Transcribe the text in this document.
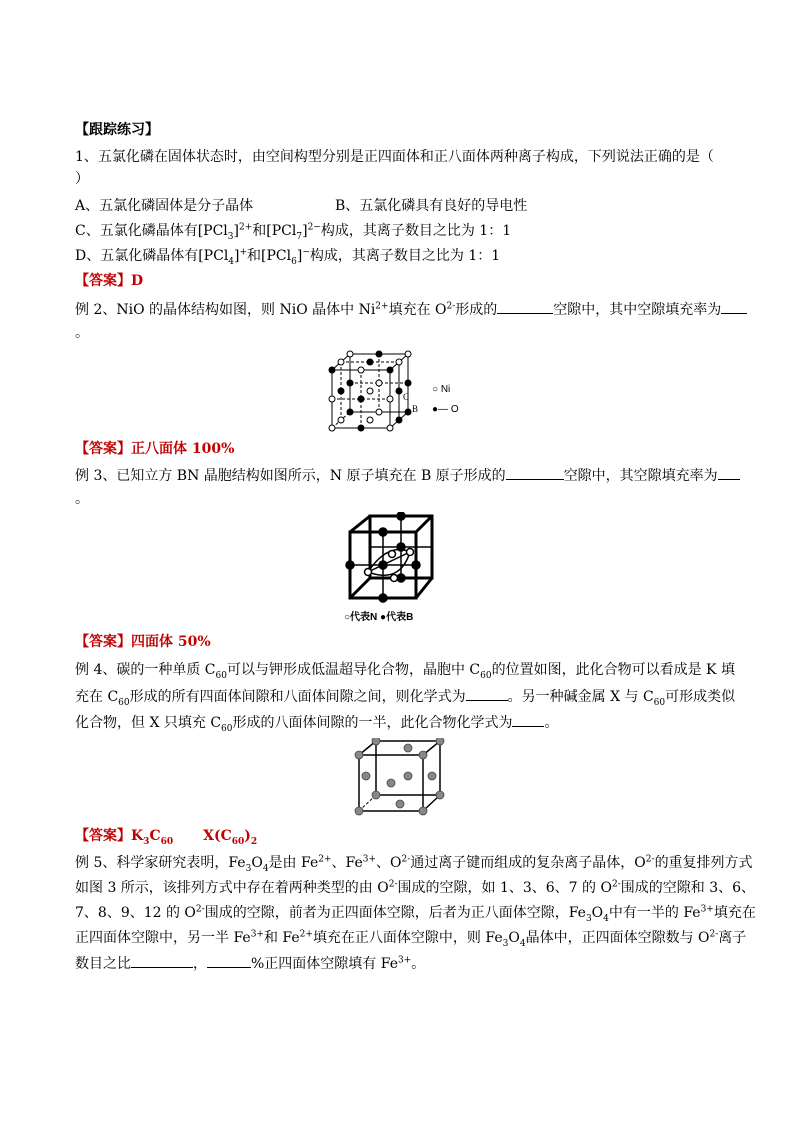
【跟踪练习】
1、五氯化磷在固体状态时，由空间构型分别是正四面体和正八面体两种离子构成，下列说法正确的是（
）
A、五氯化磷固体是分子晶体	B、五氯化磷具有良好的导电性
C、五氯化磷晶体有$[PCl_3]^{2+}$和$[PCl_7]^{2-}$构成，其离子数目之比为 1：1
D、五氯化磷晶体有[PCl$_4$]+和[PCl$_6$]−构成，其离子数目之比为 1：1
【答案】D
例 2、NiO 的晶体结构如图，则 NiO 晶体中 $Ni^{2+}$填充在 $O^{2-}$形成的	空隙中，其中空隙填充率为
。
C
B
○ Ni
●— O
【答案】正八面体 100%
例 3、已知立方 BN 晶胞结构如图所示，N 原子填充在 B 原子形成的	空隙中，其空隙填充率为
。
○代表N ●代表B
【答案】四面体 50%
例 4、碳的一种单质 $C_{60}$可以与钾形成低温超导化合物，晶胞中 $C_{60}$的位置如图，此化合物可以看成是 K 填
充在 $C_{60}$形成的所有四面体间隙和八面体间隙之间，则化学式为	。另一种碱金属 X 与 $C_{60}$可形成类似
化合物，但 X 只填充 $C_{60}$形成的八面体间隙的一半，此化合物化学式为 。
【答案】$K_3C_{60}$ $X(C_{60})_2$
例 5、科学家研究表明，$Fe_3O_4$是由 $Fe^{2+}$、$Fe^{3+}$、$O^{2-}$通过离子键而组成的复杂离子晶体，$O^{2-}$的重复排列方式
如图 3 所示，该排列方式中存在着两种类型的由 $O^{2-}$围成的空隙，如 1、3、6、7 的 $O^{2-}$围成的空隙和 3、6、
7、8、9、12 的 $O^{2-}$围成的空隙，前者为正四面体空隙，后者为正八面体空隙，$Fe_3O_4$中有一半的 $Fe^{3+}$填充在
正四面体空隙中，另一半 $Fe^{3+}$和 $Fe^{2+}$填充在正八面体空隙中，则 $Fe_3O_4$晶体中，正四面体空隙数与 $O^{2-}$离子
数目之比	，	%正四面体空隙填有 $Fe^{3+}$。
